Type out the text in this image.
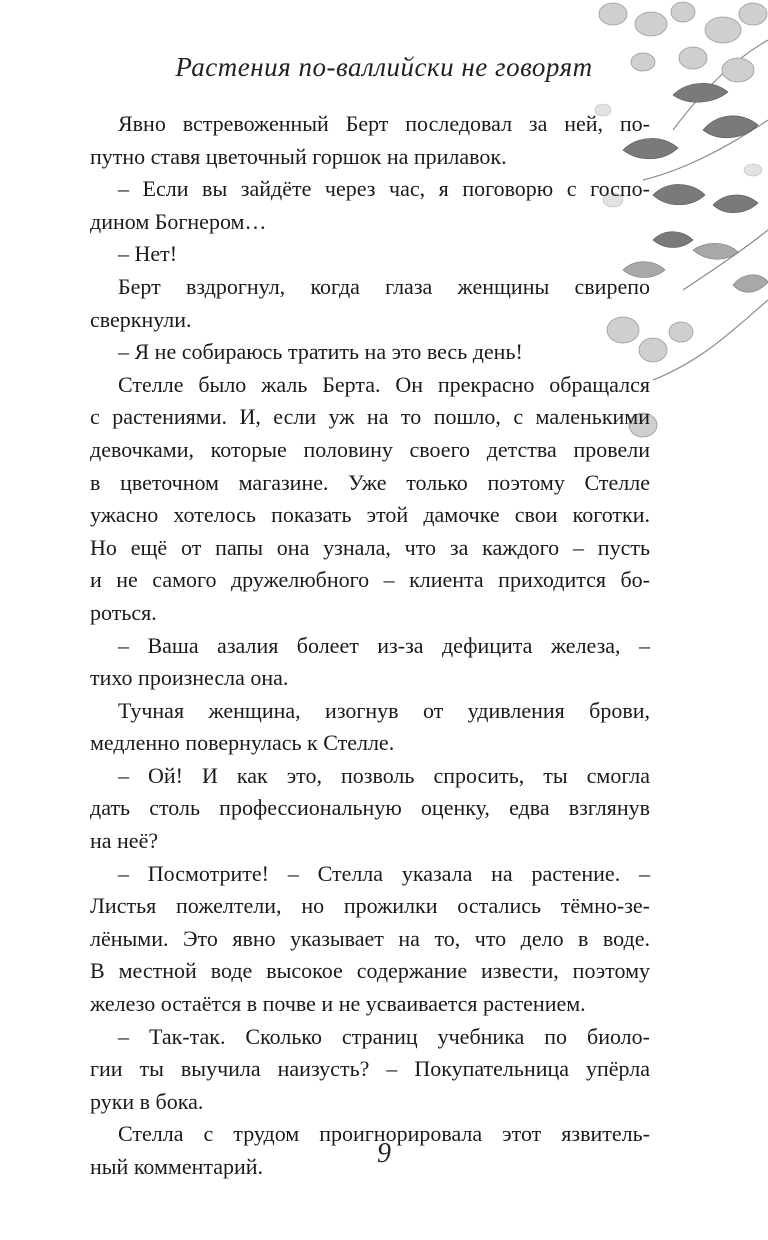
Растения по-валлийски не говорят
Явно встревоженный Берт последовал за ней, по-
путно ставя цветочный горшок на прилавок.
– Если вы зайдёте через час, я поговорю с госпо-
дином Богнером…
– Нет!
Берт вздрогнул, когда глаза женщины свирепо
сверкнули.
– Я не собираюсь тратить на это весь день!
Стелле было жаль Берта. Он прекрасно обращался
с растениями. И, если уж на то пошло, с маленькими
девочками, которые половину своего детства провели
в цветочном магазине. Уже только поэтому Стелле
ужасно хотелось показать этой дамочке свои коготки.
Но ещё от папы она узнала, что за каждого – пусть
и не самого дружелюбного – клиента приходится бо-
роться.
– Ваша азалия болеет из-за дефицита железа, –
тихо произнесла она.
Тучная женщина, изогнув от удивления брови,
медленно повернулась к Стелле.
– Ой! И как это, позволь спросить, ты смогла
дать столь профессиональную оценку, едва взглянув
на неё?
– Посмотрите! – Стелла указала на растение. –
Листья пожелтели, но прожилки остались тёмно-зе-
лёными. Это явно указывает на то, что дело в воде.
В местной воде высокое содержание извести, поэтому
железо остаётся в почве и не усваивается растением.
– Так-так. Сколько страниц учебника по биоло-
гии ты выучила наизусть? – Покупательница упёрла
руки в бока.
Стелла с трудом проигнорировала этот язвитель-
ный комментарий.	9
